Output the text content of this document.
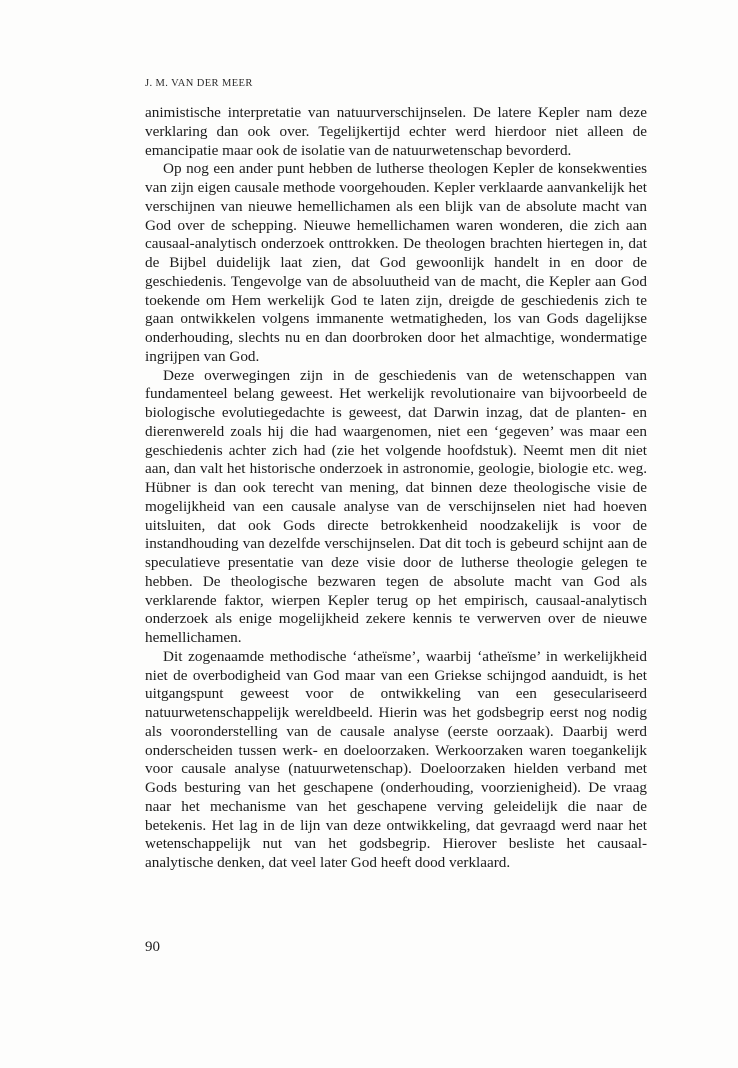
J. M. VAN DER MEER

animistische interpretatie van natuurverschijnselen. De latere Kepler nam deze verklaring dan ook over. Tegelijkertijd echter werd hierdoor niet alleen de emancipatie maar ook de isolatie van de natuurwetenschap bevorderd.

Op nog een ander punt hebben de lutherse theologen Kepler de konsekwenties van zijn eigen causale methode voorgehouden. Kepler verklaarde aanvankelijk het verschijnen van nieuwe hemellichamen als een blijk van de absolute macht van God over de schepping. Nieuwe hemellichamen waren wonderen, die zich aan causaal-analytisch onderzoek onttrokken. De theologen brachten hiertegen in, dat de Bijbel duidelijk laat zien, dat God gewoonlijk handelt in en door de geschiedenis. Tengevolge van de absoluutheid van de macht, die Kepler aan God toekende om Hem werkelijk God te laten zijn, dreigde de geschiedenis zich te gaan ontwikkelen volgens immanente wetmatigheden, los van Gods dagelijkse onderhouding, slechts nu en dan doorbroken door het almachtige, wondermatige ingrijpen van God.

Deze overwegingen zijn in de geschiedenis van de wetenschappen van fundamenteel belang geweest. Het werkelijk revolutionaire van bijvoorbeeld de biologische evolutiegedachte is geweest, dat Darwin inzag, dat de planten- en dierenwereld zoals hij die had waargenomen, niet een ‘gegeven’ was maar een geschiedenis achter zich had (zie het volgende hoofdstuk). Neemt men dit niet aan, dan valt het historische onderzoek in astronomie, geologie, biologie etc. weg. Hübner is dan ook terecht van mening, dat binnen deze theologische visie de mogelijkheid van een causale analyse van de verschijnselen niet had hoeven uitsluiten, dat ook Gods directe betrokkenheid noodzakelijk is voor de instandhouding van dezelfde verschijnselen. Dat dit toch is gebeurd schijnt aan de speculatieve presentatie van deze visie door de lutherse theologie gelegen te hebben. De theologische bezwaren tegen de absolute macht van God als verklarende faktor, wierpen Kepler terug op het empirisch, causaal-analytisch onderzoek als enige mogelijkheid zekere kennis te verwerven over de nieuwe hemellichamen.

Dit zogenaamde methodische ‘atheïsme’, waarbij ‘atheïsme’ in werkelijkheid niet de overbodigheid van God maar van een Griekse schijngod aanduidt, is het uitgangspunt geweest voor de ontwikkeling van een geseculariseerd natuurwetenschappelijk wereldbeeld. Hierin was het godsbegrip eerst nog nodig als vooronderstelling van de causale analyse (eerste oorzaak). Daarbij werd onderscheiden tussen werk- en doeloorzaken. Werkoorzaken waren toegankelijk voor causale analyse (natuurwetenschap). Doeloorzaken hielden verband met Gods besturing van het geschapene (onderhouding, voorzienigheid). De vraag naar het mechanisme van het geschapene verving geleidelijk die naar de betekenis. Het lag in de lijn van deze ontwikkeling, dat gevraagd werd naar het wetenschappelijk nut van het godsbegrip. Hierover besliste het causaal-analytische denken, dat veel later God heeft dood verklaard.

90
